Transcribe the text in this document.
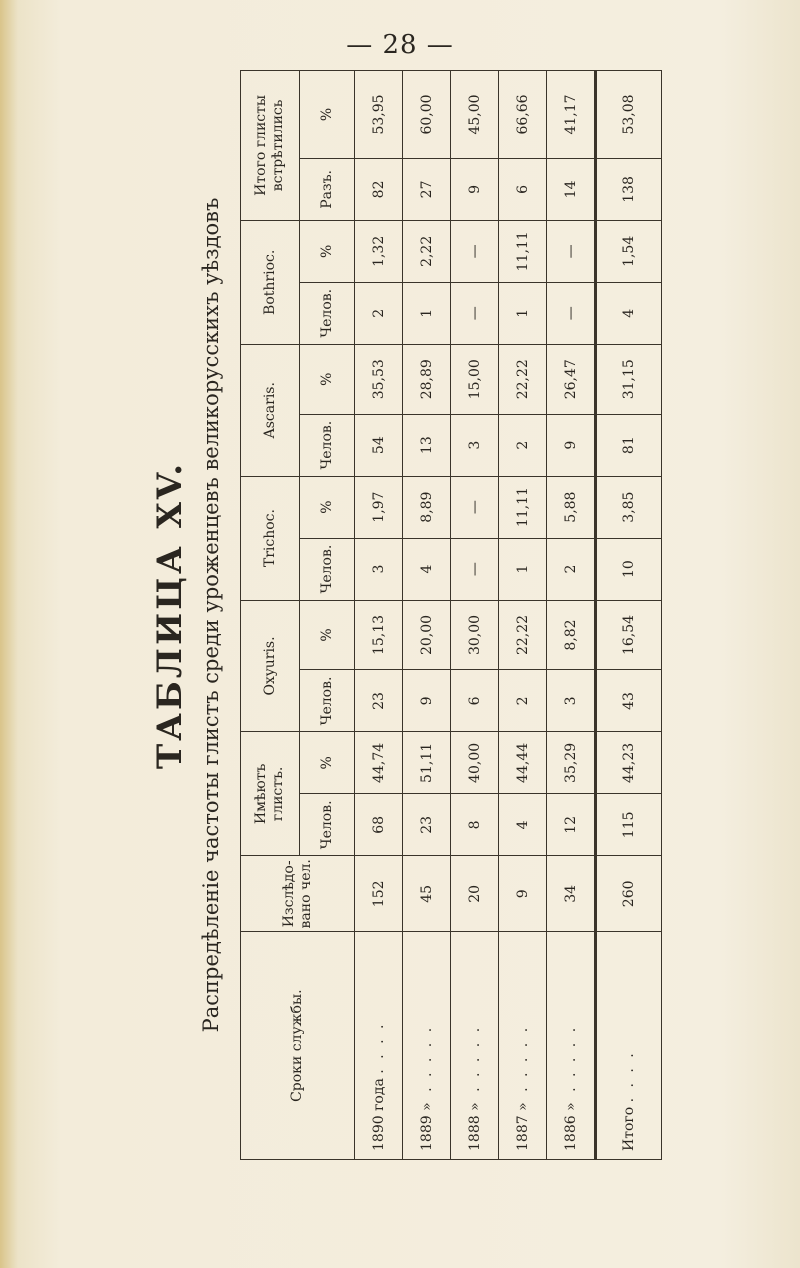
— 28 —
ТАБЛИЦА XV. Распредѣленіе частоты глистъ среди уроженцевъ великорусскихъ уѣздовъ
Сроки службы.	Изслѣдо-вано чел.	Имѣютъ глистъ.		Oxyuris.		Trichoc.		Ascaris.		Bothrioc.		Итого глисты встрѣтились	
		Челов.	%	Челов.	%	Челов.	%	Челов.	%	Челов.	%	Разъ.	%
1890 года . . . .	152	68	44,74	23	15,13	3	1,97	54	35,53	2	1,32	82	53,95
1889 » . . . . .	45	23	51,11	9	20,00	4	8,89	13	28,89	1	2,22	27	60,00
1888 » . . . . .	20	8	40,00	6	30,00	—	—	3	15,00	—	—	9	45,00
1887 » . . . . .	9	4	44,44	2	22,22	1	11,11	2	22,22	1	11,11	6	66,66
1886 » . . . . .	34	12	35,29	3	8,82	2	5,88	9	26,47	—	—	14	41,17
Итого . . . .	260	115	44,23	43	16,54	10	3,85	81	31,15	4	1,54	138	53,08
